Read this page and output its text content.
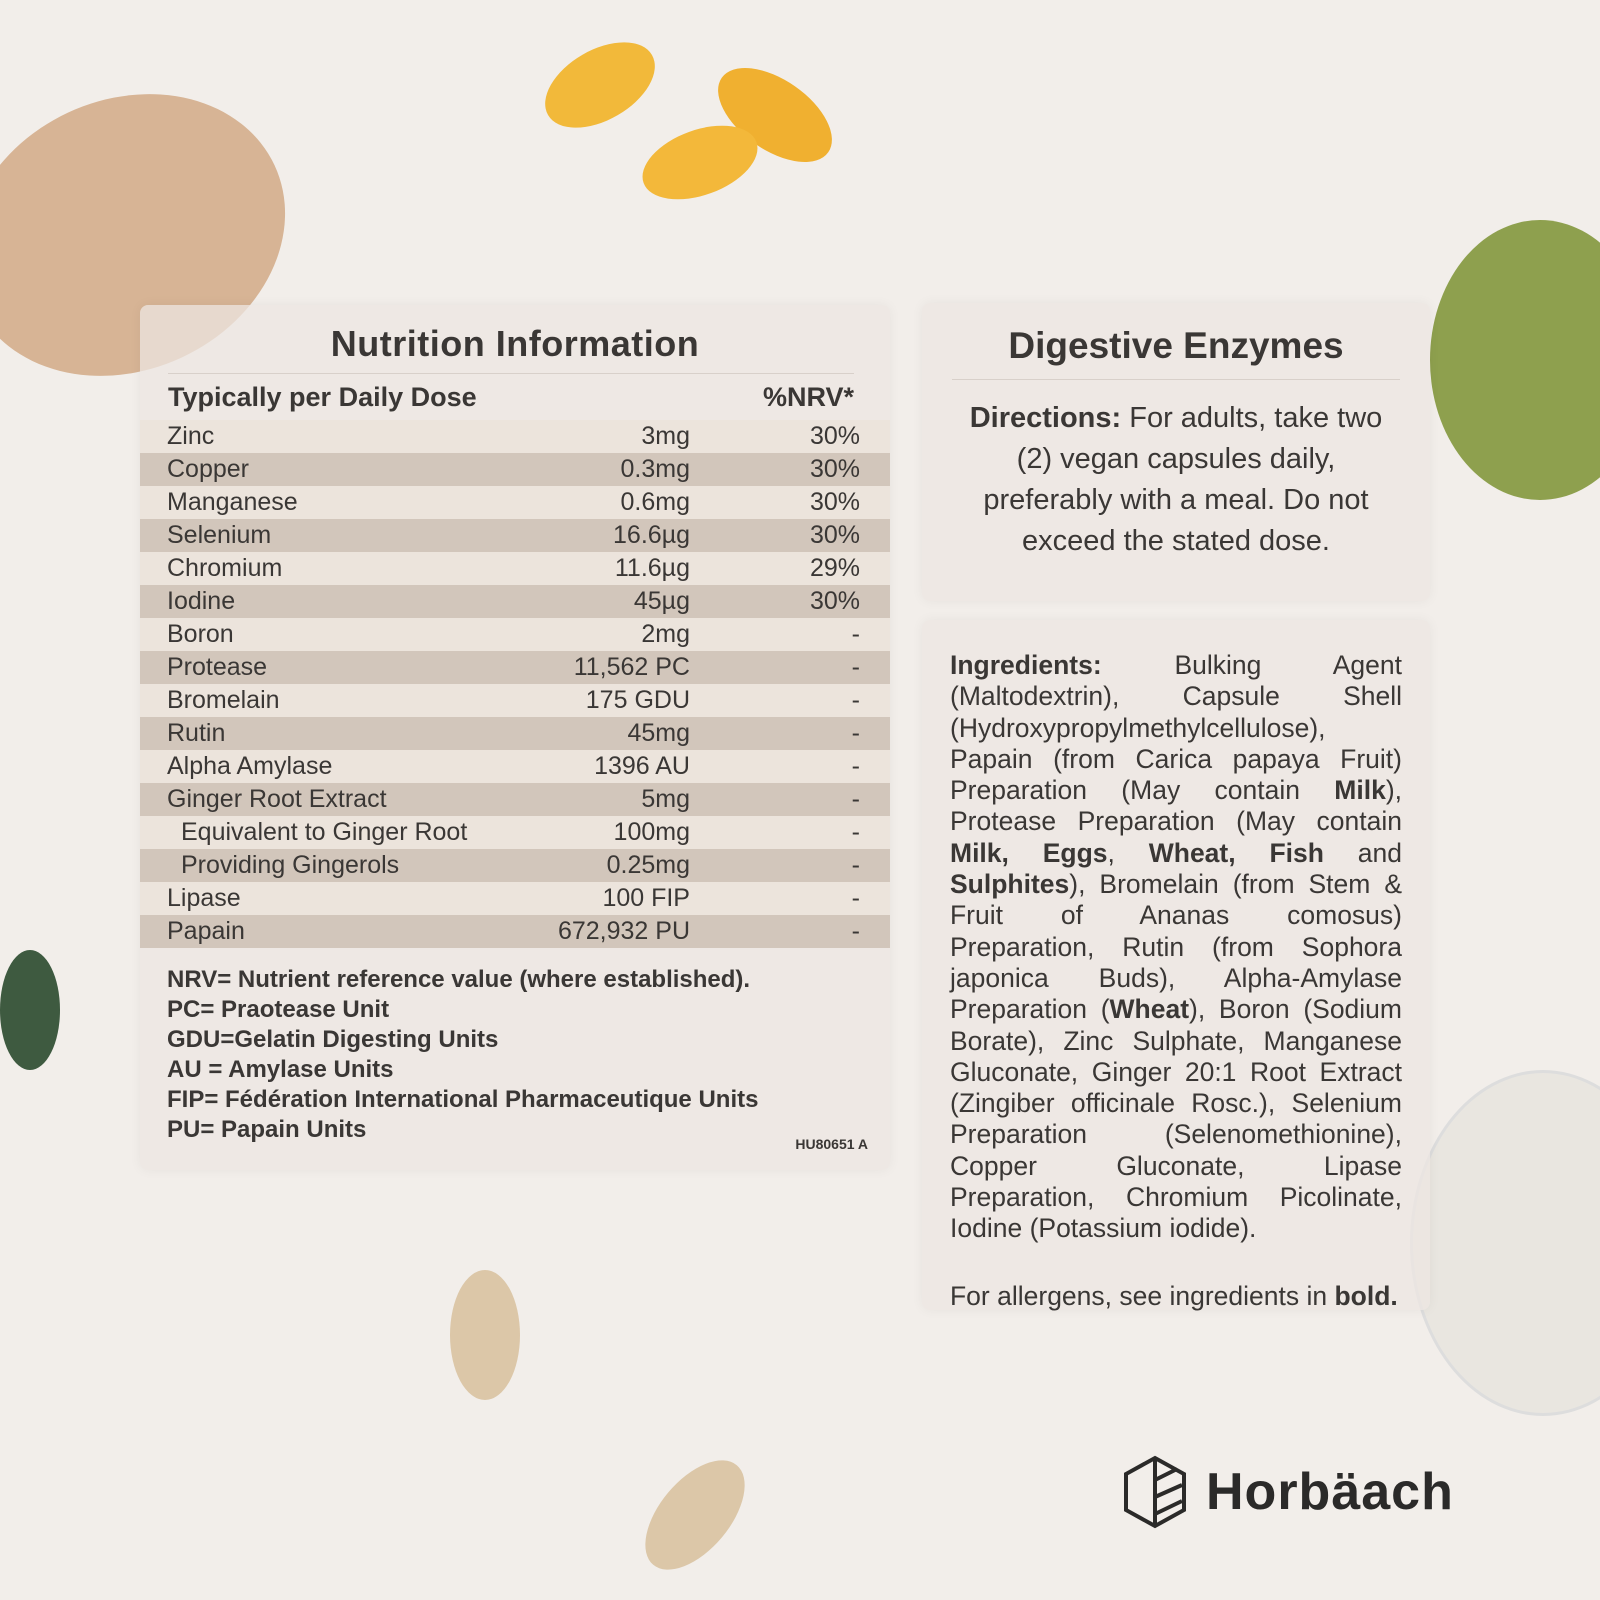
Nutrition Information
Typically per Daily Dose	%NRV*
Zinc	3mg	30%
Copper	0.3mg	30%
Manganese	0.6mg	30%
Selenium	16.6µg	30%
Chromium	11.6µg	29%
Iodine	45µg	30%
Boron	2mg	-
Protease	11,562 PC	-
Bromelain	175 GDU	-
Rutin	45mg	-
Alpha Amylase	1396 AU	-
Ginger Root Extract	5mg	-
Equivalent to Ginger Root	100mg	-
Providing Gingerols	0.25mg	-
Lipase	100 FIP	-
Papain	672,932 PU	-
NRV= Nutrient reference value (where established).
PC= Praotease Unit
GDU=Gelatin Digesting Units
AU = Amylase Units
FIP= Fédération International Pharmaceutique Units
PU= Papain Units
HU80651 A
Digestive Enzymes

Directions: For adults, take two (2) vegan capsules daily, preferably with a meal. Do not exceed the stated dose.

Ingredients: Bulking Agent (Maltodextrin), Capsule Shell (Hydroxypropylmethylcellulose), Papain (from Carica papaya Fruit) Preparation (May contain Milk), Protease Preparation (May contain Milk, Eggs, Wheat, Fish and Sulphites), Bromelain (from Stem & Fruit of Ananas comosus) Preparation, Rutin (from Sophora japonica Buds), Alpha-Amylase Preparation (Wheat), Boron (Sodium Borate), Zinc Sulphate, Manganese Gluconate, Ginger 20:1 Root Extract (Zingiber officinale Rosc.), Selenium Preparation (Selenomethionine), Copper Gluconate, Lipase Preparation, Chromium Picolinate, Iodine (Potassium iodide).

For allergens, see ingredients in bold.

Horbäach
